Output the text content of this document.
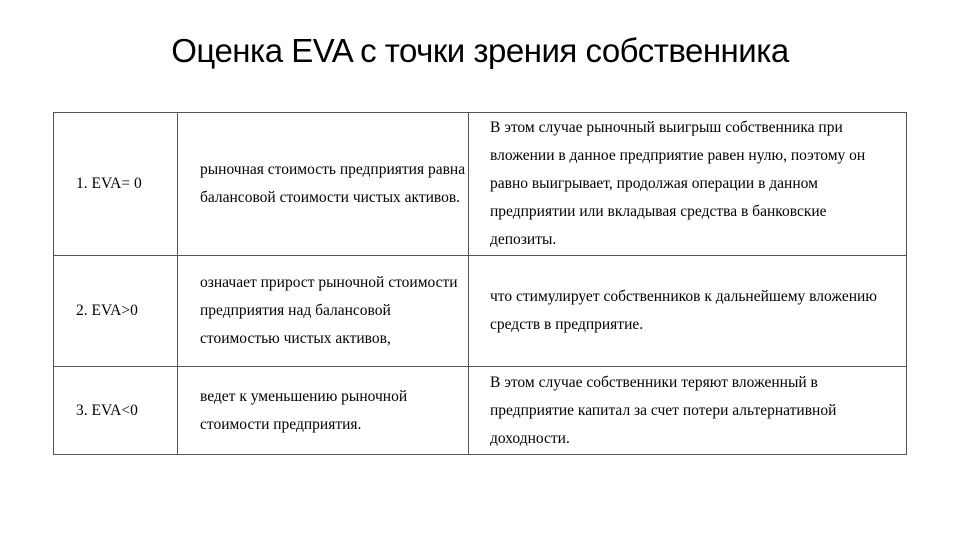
Оценка EVA с точки зрения собственника
1. EVA= 0	рыночная стоимость предприятия равна балансовой стоимости чистых активов.	В этом случае рыночный выигрыш собственника при вложении в данное предприятие равен нулю, поэтому он равно выигрывает, продолжая операции в данном предприятии или вкладывая средства в банковские депозиты.

2. EVA>0	означает прирост рыночной стоимости предприятия над балансовой стоимостью чистых активов,	что стимулирует собственников к дальнейшему вложению средств в предприятие.

3. EVA<0	ведет к уменьшению рыночной стоимости предприятия.	В этом случае собственники теряют вложенный в предприятие капитал за счет потери альтернативной доходности.
